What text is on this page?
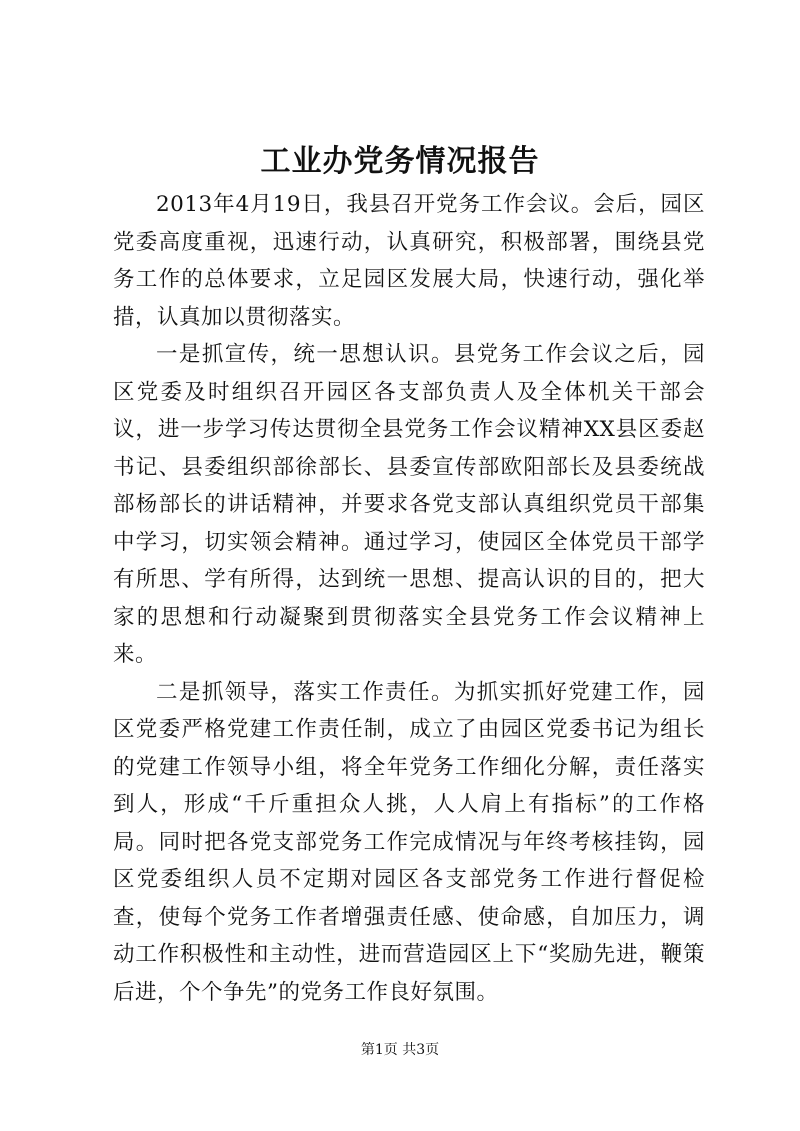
工业办党务情况报告

2013年4月19日，我县召开党务工作会议。会后，园区党委高度重视，迅速行动，认真研究，积极部署，围绕县党务工作的总体要求，立足园区发展大局，快速行动，强化举措，认真加以贯彻落实。

一是抓宣传，统一思想认识。县党务工作会议之后，园区党委及时组织召开园区各支部负责人及全体机关干部会议，进一步学习传达贯彻全县党务工作会议精神XX县区委赵书记、县委组织部徐部长、县委宣传部欧阳部长及县委统战部杨部长的讲话精神，并要求各党支部认真组织党员干部集中学习，切实领会精神。通过学习，使园区全体党员干部学有所思、学有所得，达到统一思想、提高认识的目的，把大家的思想和行动凝聚到贯彻落实全县党务工作会议精神上来。

二是抓领导，落实工作责任。为抓实抓好党建工作，园区党委严格党建工作责任制，成立了由园区党委书记为组长的党建工作领导小组，将全年党务工作细化分解，责任落实到人，形成“千斤重担众人挑，人人肩上有指标”的工作格局。同时把各党支部党务工作完成情况与年终考核挂钩，园区党委组织人员不定期对园区各支部党务工作进行督促检查，使每个党务工作者增强责任感、使命感，自加压力，调动工作积极性和主动性，进而营造园区上下“奖励先进，鞭策后进，个个争先”的党务工作良好氛围。

第1页 共3页
